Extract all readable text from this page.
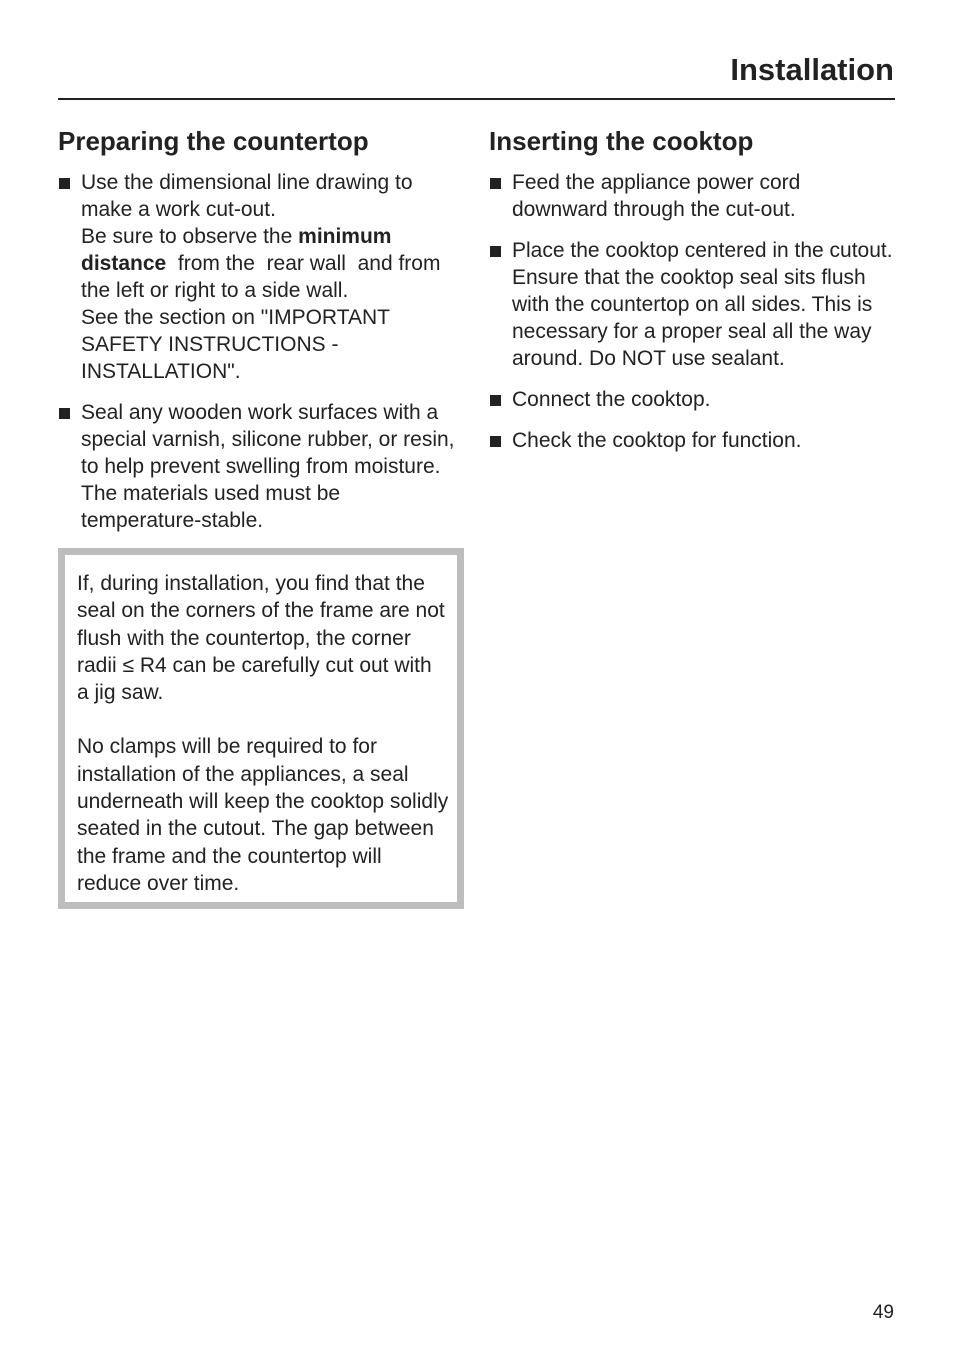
Installation
Preparing the countertop
Use the dimensional line drawing to make a work cut-out.
Be sure to observe the minimum distance  from the  rear wall  and from the left or right to a side wall.
See the section on "IMPORTANT SAFETY INSTRUCTIONS - INSTALLATION".
Seal any wooden work surfaces with a special varnish, silicone rubber, or resin, to help prevent swelling from moisture.
The materials used must be temperature-stable.

If, during installation, you find that the seal on the corners of the frame are not flush with the countertop, the corner radii ≤ R4 can be carefully cut out with a jig saw.

No clamps will be required to for installation of the appliances, a seal underneath will keep the cooktop solidly seated in the cutout. The gap between the frame and the countertop will reduce over time.

Inserting the cooktop
Feed the appliance power cord downward through the cut-out.
Place the cooktop centered in the cutout. Ensure that the cooktop seal sits flush with the countertop on all sides. This is necessary for a proper seal all the way around. Do NOT use sealant.
Connect the cooktop.
Check the cooktop for function.
49
